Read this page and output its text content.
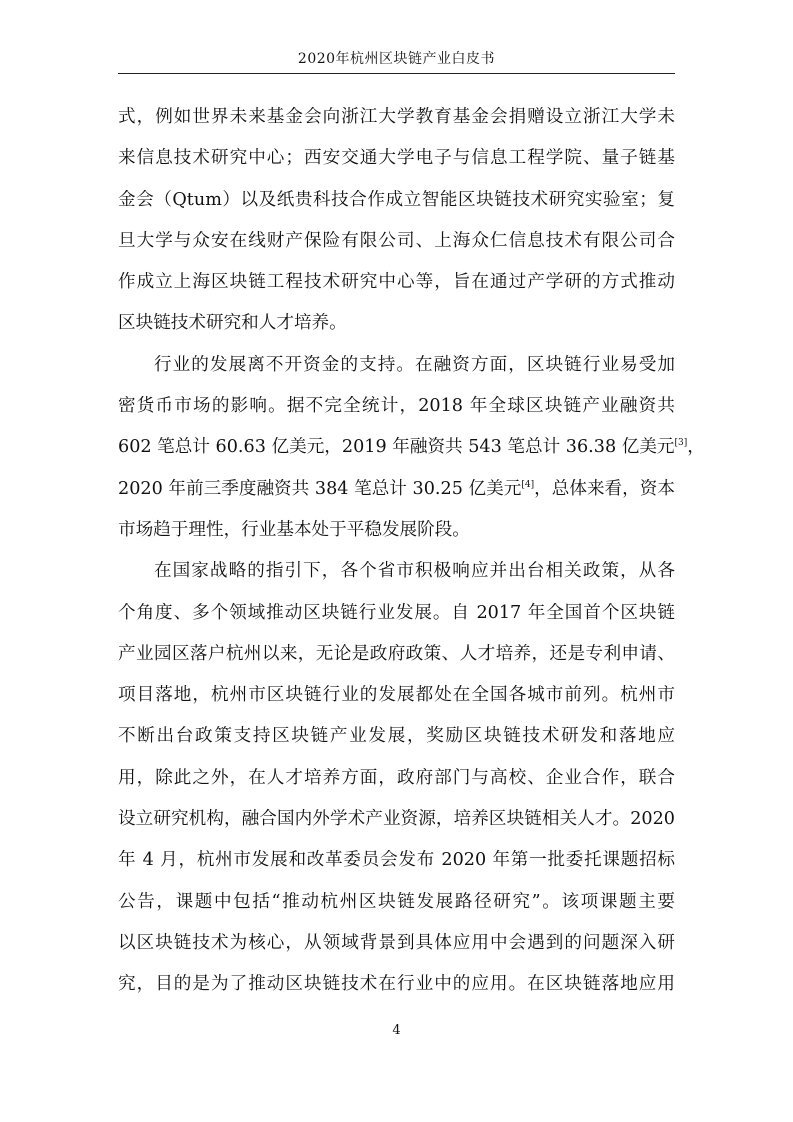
2020年杭州区块链产业白皮书
式，例如世界未来基金会向浙江大学教育基金会捐赠设立浙江大学未
来信息技术研究中心；西安交通大学电子与信息工程学院、量子链基
金会（Qtum）以及纸贵科技合作成立智能区块链技术研究实验室；复
旦大学与众安在线财产保险有限公司、上海众仁信息技术有限公司合
作成立上海区块链工程技术研究中心等，旨在通过产学研的方式推动
区块链技术研究和人才培养。
行业的发展离不开资金的支持。在融资方面，区块链行业易受加
密货币市场的影响。据不完全统计，2018 年全球区块链产业融资共
602 笔总计 60.63 亿美元，2019 年融资共 543 笔总计 36.38 亿美元[3]，
2020 年前三季度融资共 384 笔总计 30.25 亿美元[4]，总体来看，资本
市场趋于理性，行业基本处于平稳发展阶段。
在国家战略的指引下，各个省市积极响应并出台相关政策，从各
个角度、多个领域推动区块链行业发展。自 2017 年全国首个区块链
产业园区落户杭州以来，无论是政府政策、人才培养，还是专利申请、
项目落地，杭州市区块链行业的发展都处在全国各城市前列。杭州市
不断出台政策支持区块链产业发展，奖励区块链技术研发和落地应
用，除此之外，在人才培养方面，政府部门与高校、企业合作，联合
设立研究机构，融合国内外学术产业资源，培养区块链相关人才。2020
年 4 月，杭州市发展和改革委员会发布 2020 年第一批委托课题招标
公告，课题中包括“推动杭州区块链发展路径研究”。该项课题主要
以区块链技术为核心，从领域背景到具体应用中会遇到的问题深入研
究，目的是为了推动区块链技术在行业中的应用。在区块链落地应用
4
